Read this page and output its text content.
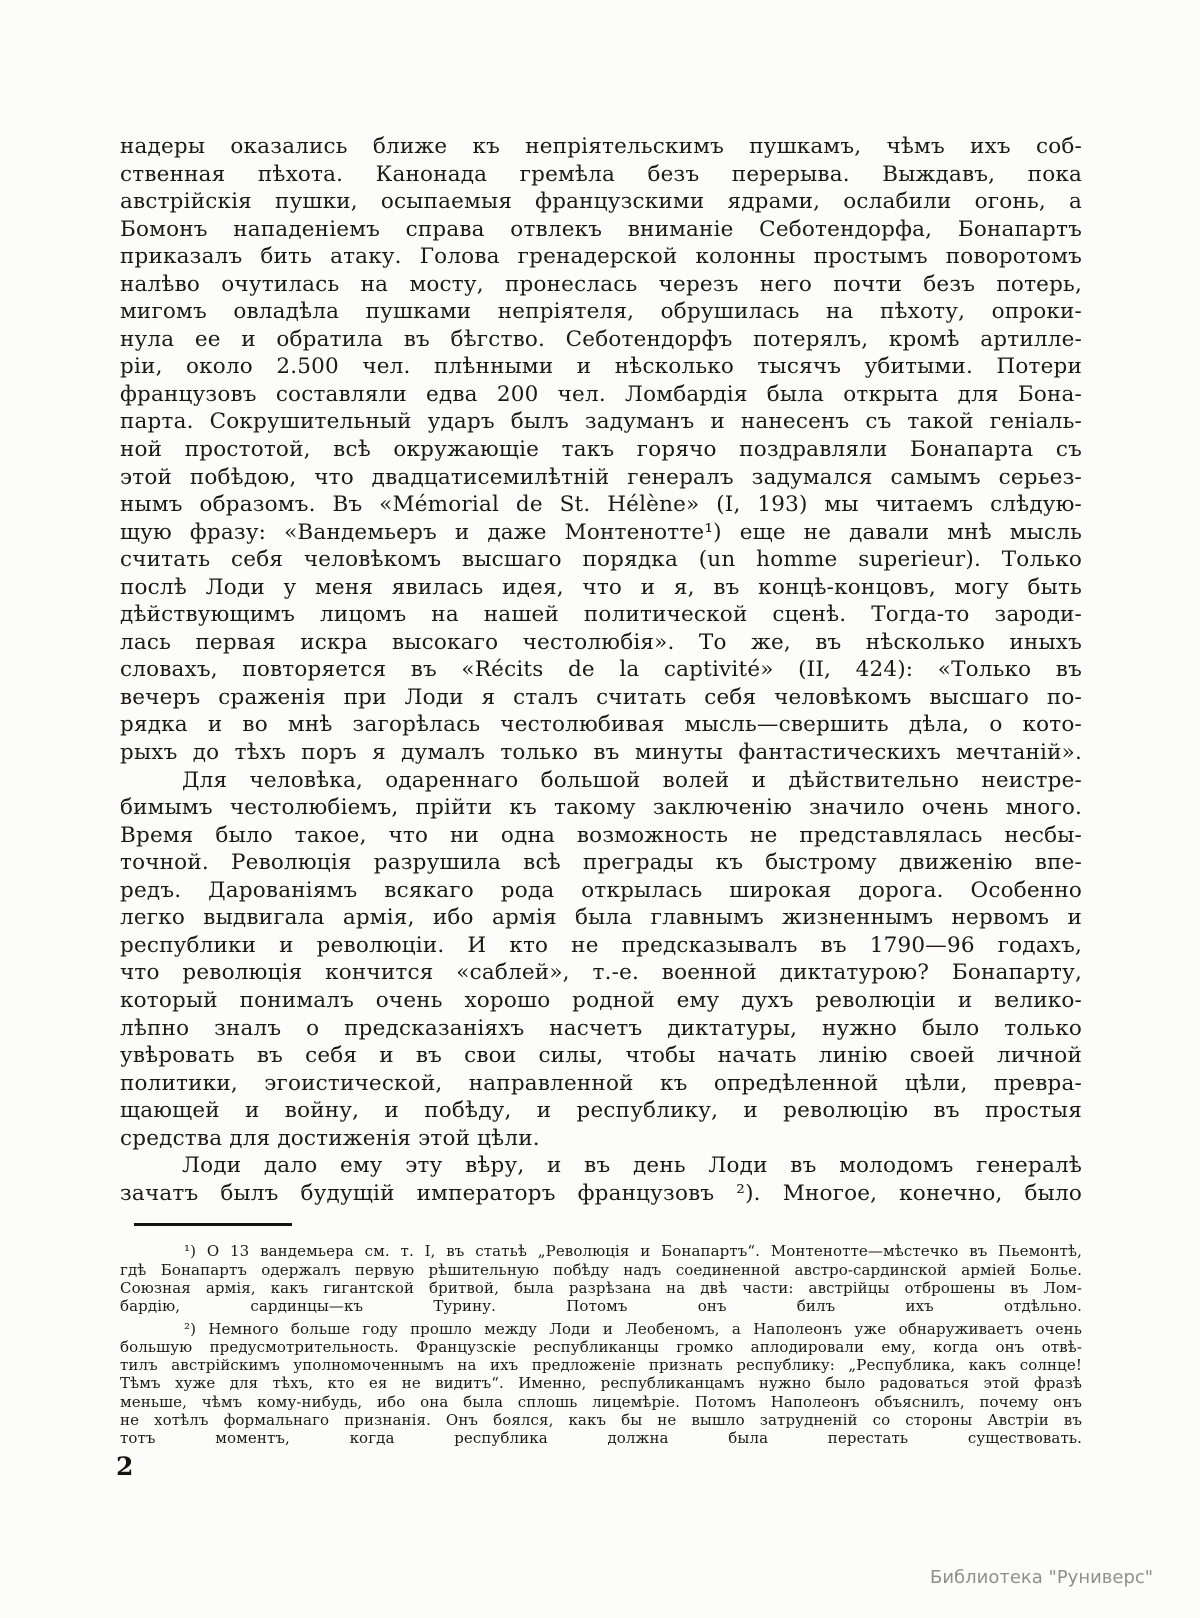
надеры оказались ближе къ непріятельскимъ пушкамъ, чѣмъ ихъ соб-
ственная пѣхота. Канонада гремѣла безъ перерыва. Выждавъ, пока
австрійскія пушки, осыпаемыя французскими ядрами, ослабили огонь, а
Бомонъ нападеніемъ справа отвлекъ вниманіе Себотендорфа, Бонапартъ
приказалъ бить атаку. Голова гренадерской колонны простымъ поворотомъ
налѣво очутилась на мосту, пронеслась черезъ него почти безъ потерь,
мигомъ овладѣла пушками непріятеля, обрушилась на пѣхоту, опроки-
нула ее и обратила въ бѣгство. Себотендорфъ потерялъ, кромѣ артилле-
ріи, около 2.500 чел. плѣнными и нѣсколько тысячъ убитыми. Потери
французовъ составляли едва 200 чел. Ломбардія была открыта для Бона-
парта. Сокрушительный ударъ былъ задуманъ и нанесенъ съ такой геніаль-
ной простотой, всѣ окружающіе такъ горячо поздравляли Бонапарта съ
этой побѣдою, что двадцатисемилѣтній генералъ задумался самымъ серьез-
нымъ образомъ. Въ «Mémorial de St. Hélène» (I, 193) мы читаемъ слѣдую-
щую фразу: «Вандемьеръ и даже Монтенотте¹) еще не давали мнѣ мысль
считать себя человѣкомъ высшаго порядка (un homme superieur). Только
послѣ Лоди у меня явилась идея, что и я, въ концѣ-концовъ, могу быть
дѣйствующимъ лицомъ на нашей политической сценѣ. Тогда-то зароди-
лась первая искра высокаго честолюбія». То же, въ нѣсколько иныхъ
словахъ, повторяется въ «Récits de la captivité» (II, 424): «Только въ
вечеръ сраженія при Лоди я сталъ считать себя человѣкомъ высшаго по-
рядка и во мнѣ загорѣлась честолюбивая мысль—свершить дѣла, о кото-
рыхъ до тѣхъ поръ я думалъ только въ минуты фантастическихъ мечтаній».
Для человѣка, одареннаго большой волей и дѣйствительно неистре-
бимымъ честолюбіемъ, прійти къ такому заключенію значило очень много.
Время было такое, что ни одна возможность не представлялась несбы-
точной. Революція разрушила всѣ преграды къ быстрому движенію впе-
редъ. Дарованіямъ всякаго рода открылась широкая дорога. Особенно
легко выдвигала армія, ибо армія была главнымъ жизненнымъ нервомъ и
республики и революціи. И кто не предсказывалъ въ 1790—96 годахъ,
что революція кончится «саблей», т.-е. военной диктатурою? Бонапарту,
который понималъ очень хорошо родной ему духъ революціи и велико-
лѣпно зналъ о предсказаніяхъ насчетъ диктатуры, нужно было только
увѣровать въ себя и въ свои силы, чтобы начать линію своей личной
политики, эгоистической, направленной къ опредѣленной цѣли, превра-
щающей и войну, и побѣду, и республику, и революцію въ простыя
средства для достиженія этой цѣли.
Лоди дало ему эту вѣру, и въ день Лоди въ молодомъ генералѣ
зачатъ былъ будущій императоръ французовъ ²). Многое, конечно, было
¹) О 13 вандемьера см. т. I, въ статьѣ „Революція и Бонапартъ“. Монтенотте—мѣстечко въ Пьемонтѣ,
гдѣ Бонапартъ одержалъ первую рѣшительную побѣду надъ соединенной австро-сардинской арміей Болье.
Союзная армія, какъ гигантской бритвой, была разрѣзана на двѣ части: австрійцы отброшены въ Лом-
бардію, сардинцы—къ Турину. Потомъ онъ билъ ихъ отдѣльно.
²) Немного больше году прошло между Лоди и Леобеномъ, а Наполеонъ уже обнаруживаетъ очень
большую предусмотрительность. Французскіе республиканцы громко аплодировали ему, когда онъ отвѣ-
тилъ австрійскимъ уполномоченнымъ на ихъ предложеніе признать республику: „Республика, какъ солнце!
Тѣмъ хуже для тѣхъ, кто ея не видитъ“. Именно, республиканцамъ нужно было радоваться этой фразѣ
меньше, чѣмъ кому-нибудь, ибо она была сплошь лицемѣріе. Потомъ Наполеонъ объяснилъ, почему онъ
не хотѣлъ формальнаго признанія. Онъ боялся, какъ бы не вышло затрудненій со стороны Австріи въ
тотъ моментъ, когда республика должна была перестать существовать.
2
Библиотека "Руниверс"
